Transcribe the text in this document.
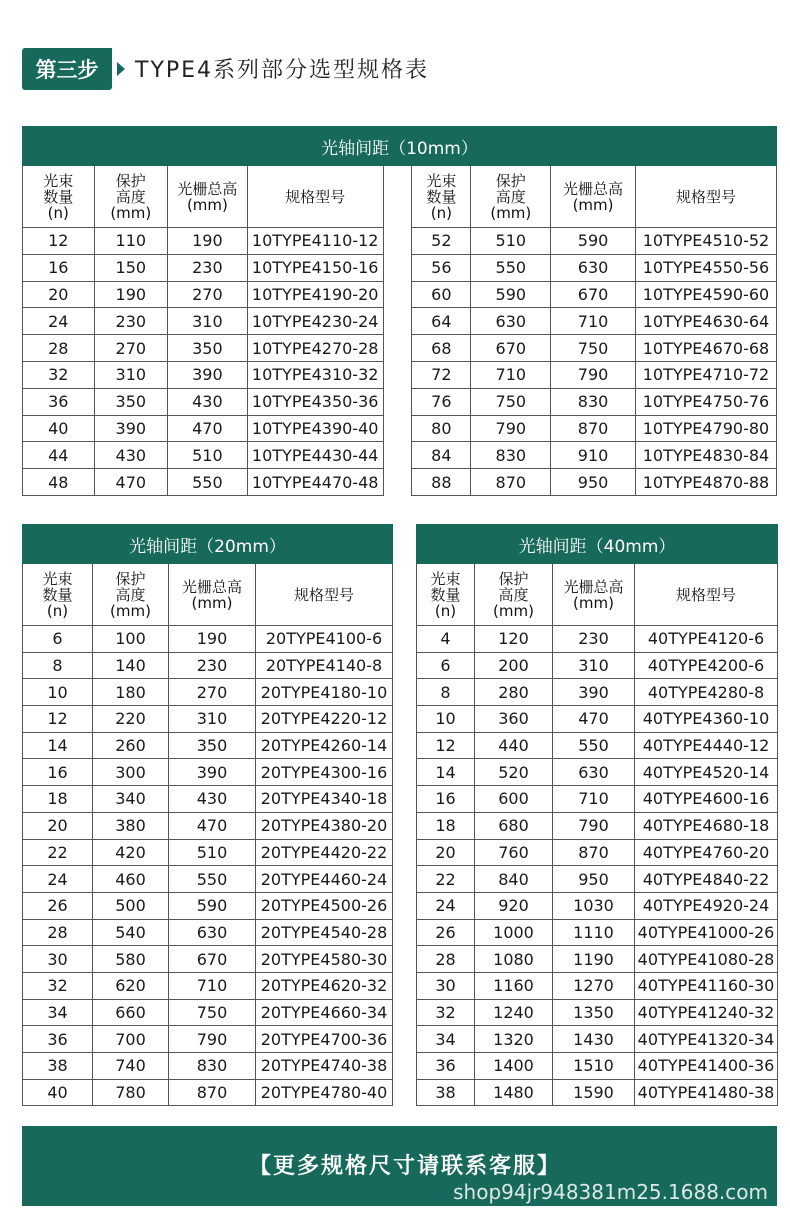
第三步	TYPE4系列部分选型规格表
光轴间距（10mm）								
光束
数量
(n)	保护
高度
(mm)	光栅总高
(mm)	规格型号		光束
数量
(n)	保护
高度
(mm)	光栅总高
(mm)	规格型号
12	110	190	10TYPE4110-12		52	510	590	10TYPE4510-52
16	150	230	10TYPE4150-16		56	550	630	10TYPE4550-56
20	190	270	10TYPE4190-20		60	590	670	10TYPE4590-60
24	230	310	10TYPE4230-24		64	630	710	10TYPE4630-64
28	270	350	10TYPE4270-28		68	670	750	10TYPE4670-68
32	310	390	10TYPE4310-32		72	710	790	10TYPE4710-72
36	350	430	10TYPE4350-36		76	750	830	10TYPE4750-76
40	390	470	10TYPE4390-40		80	790	870	10TYPE4790-80
44	430	510	10TYPE4430-44		84	830	910	10TYPE4830-84
48	470	550	10TYPE4470-48		88	870	950	10TYPE4870-88
光轴间距（20mm）			
光束
数量
(n)	保护
高度
(mm)	光栅总高
(mm)	规格型号
6	100	190	20TYPE4100-6
8	140	230	20TYPE4140-8
10	180	270	20TYPE4180-10
12	220	310	20TYPE4220-12
14	260	350	20TYPE4260-14
16	300	390	20TYPE4300-16
18	340	430	20TYPE4340-18
20	380	470	20TYPE4380-20
22	420	510	20TYPE4420-22
24	460	550	20TYPE4460-24
26	500	590	20TYPE4500-26
28	540	630	20TYPE4540-28
30	580	670	20TYPE4580-30
32	620	710	20TYPE4620-32
34	660	750	20TYPE4660-34
36	700	790	20TYPE4700-36
38	740	830	20TYPE4740-38
40	780	870	20TYPE4780-40
光轴间距（40mm）			
光束
数量
(n)	保护
高度
(mm)	光栅总高
(mm)	规格型号
4	120	230	40TYPE4120-6
6	200	310	40TYPE4200-6
8	280	390	40TYPE4280-8
10	360	470	40TYPE4360-10
12	440	550	40TYPE4440-12
14	520	630	40TYPE4520-14
16	600	710	40TYPE4600-16
18	680	790	40TYPE4680-18
20	760	870	40TYPE4760-20
22	840	950	40TYPE4840-22
24	920	1030	40TYPE4920-24
26	1000	1110	40TYPE41000-26
28	1080	1190	40TYPE41080-28
30	1160	1270	40TYPE41160-30
32	1240	1350	40TYPE41240-32
34	1320	1430	40TYPE41320-34
36	1400	1510	40TYPE41400-36
38	1480	1590	40TYPE41480-38
【更多规格尺寸请联系客服】
shop94jr948381m25.1688.com
